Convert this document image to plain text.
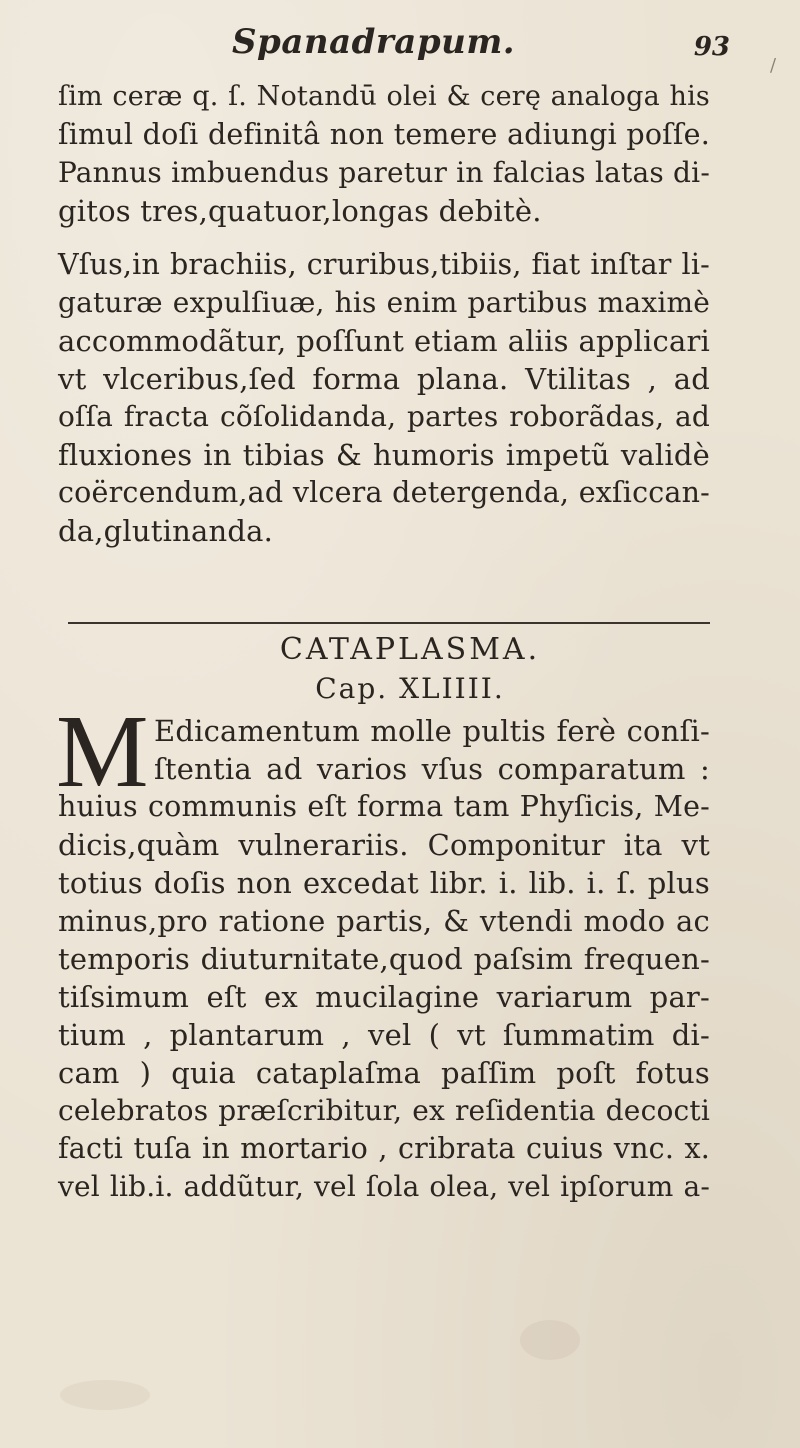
/
Spanadrapum.	93
ſim ceræ q. ſ. Notandū olei & cerę analoga his
ſimul doſi definitâ non temere adiungi poſſe.
Pannus imbuendus paretur in falcias latas di-
gitos tres,quatuor,longas debitè.
Vſus,in brachiis, cruribus,tibiis, fiat inſtar li-
gaturæ expulſiuæ, his enim partibus maximè
accommodãtur, poſſunt etiam aliis applicari
vt vlceribus,ſed forma plana. Vtilitas , ad
oſſa fracta cõſolidanda, partes roborãdas, ad
fluxiones in tibias & humoris impetũ validè
coërcendum,ad vlcera detergenda, exſiccan-
da,glutinanda.
CATAPLASMA.
Cap. XLIIII.
M Edicamentum molle pultis ferè conſi-
ſtentia ad varios vſus comparatum :
huius communis eſt forma tam Phyſicis, Me-
dicis,quàm vulnerariis. Componitur ita vt
totius doſis non excedat libr. i. lib. i. ſ. plus
minus,pro ratione partis, & vtendi modo ac
temporis diuturnitate,quod paſsim frequen-
tiſsimum eſt ex mucilagine variarum par-
tium , plantarum , vel ( vt ſummatim di-
cam ) quia cataplaſma paſſim poſt fotus
celebratos præſcribitur, ex reſidentia decocti
facti tuſa in mortario , cribrata cuius vnc. x.
vel lib.i. addũtur, vel ſola olea, vel ipſorum a-
